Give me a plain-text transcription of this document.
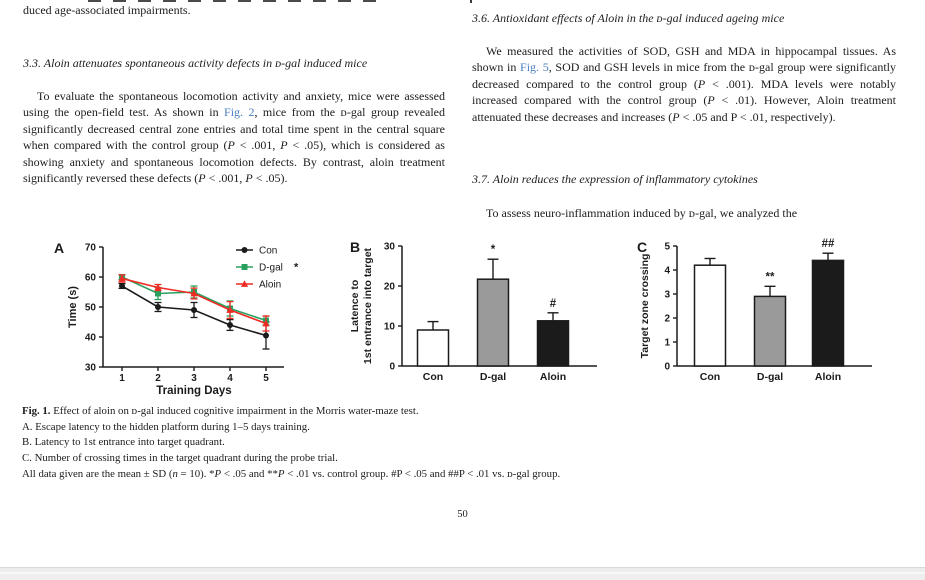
duced age-associated impairments.
3.3. Aloin attenuates spontaneous activity defects in ᴅ-gal induced mice
To evaluate the spontaneous locomotion activity and anxiety, mice were assessed using the open-field test. As shown in Fig. 2, mice from the ᴅ-gal group revealed significantly decreased central zone entries and total time spent in the central square when compared with the control group (P < .001, P < .05), which is considered as showing anxiety and spontaneous locomotion defects. By contrast, aloin treatment significantly reversed these defects (P < .001, P < .05).
3.6. Antioxidant effects of Aloin in the ᴅ-gal induced ageing mice
We measured the activities of SOD, GSH and MDA in hippocampal tissues. As shown in Fig. 5, SOD and GSH levels in mice from the ᴅ-gal group were significantly decreased compared to the control group (P < .001). MDA levels were notably increased compared with the control group (P < .01). However, Aloin treatment attenuated these decreases and increases (P < .05 and P < .01, respectively).
3.7. Aloin reduces the expression of inflammatory cytokines
To assess neuro-inflammation induced by ᴅ-gal, we analyzed the
30
40
50
60
70
A
Time (s)
1	2	3	4	5
Training Days
Con
D-gal *
Aloin
0
10
20
30
B
Latence to 1st entrance into target
Con	D-gal
*
Aloin
#
0
1
2
3
4
5
C
Target zone crossing
Con	D-gal
**
Aloin
##
Fig. 1. Effect of aloin on ᴅ-gal induced cognitive impairment in the Morris water-maze test.
A. Escape latency to the hidden platform during 1–5 days training.
B. Latency to 1st entrance into target quadrant.
C. Number of crossing times in the target quadrant during the probe trial.
All data given are the mean ± SD (n = 10). *P < .05 and **P < .01 vs. control group. #P < .05 and ##P < .01 vs. ᴅ-gal group.
50
